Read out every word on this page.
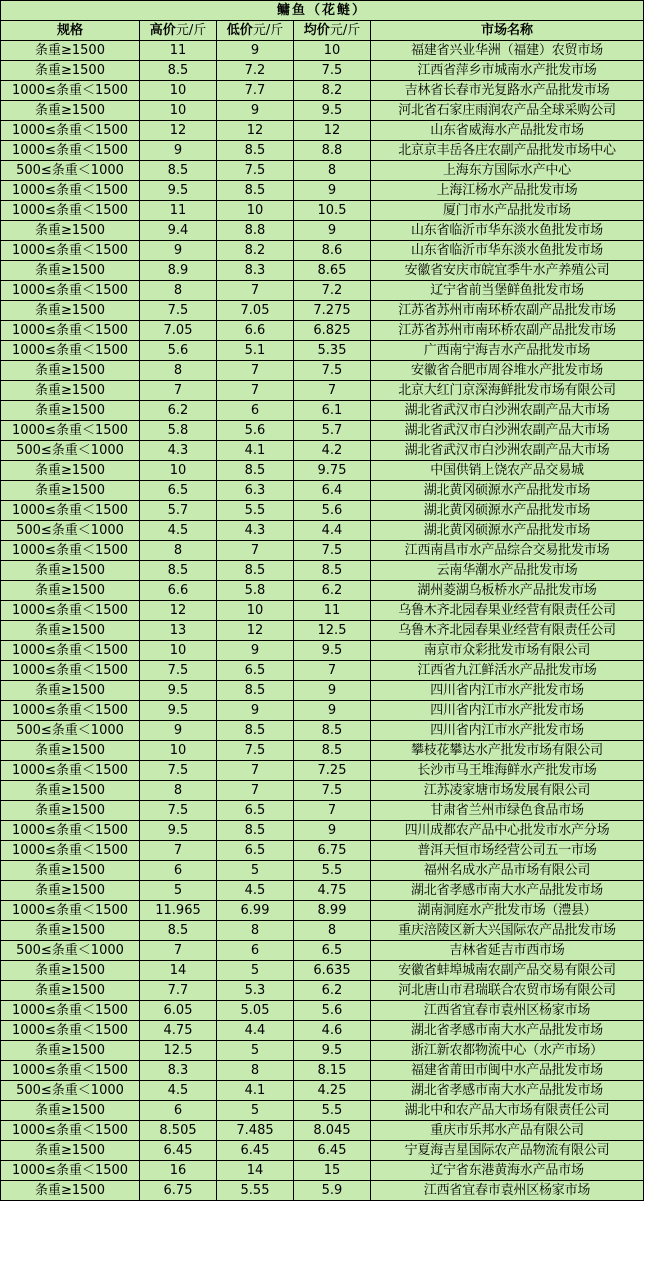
鳙鱼（花鲢）				
规格	高价元/斤	低价元/斤	均价元/斤	市场名称
条重≥1500	11	9	10	福建省兴业华洲（福建）农贸市场
条重≥1500	8.5	7.2	7.5	江西省萍乡市城南水产批发市场
1000≤条重＜1500	10	7.7	8.2	吉林省长春市光复路水产品批发市场
条重≥1500	10	9	9.5	河北省石家庄雨润农产品全球采购公司
1000≤条重＜1500	12	12	12	山东省威海水产品批发市场
1000≤条重＜1500	9	8.5	8.8	北京京丰岳各庄农副产品批发市场中心
500≤条重＜1000	8.5	7.5	8	上海东方国际水产中心
1000≤条重＜1500	9.5	8.5	9	上海江杨水产品批发市场
1000≤条重＜1500	11	10	10.5	厦门市水产品批发市场
条重≥1500	9.4	8.8	9	山东省临沂市华东淡水鱼批发市场
1000≤条重＜1500	9	8.2	8.6	山东省临沂市华东淡水鱼批发市场
条重≥1500	8.9	8.3	8.65	安徽省安庆市皖宜季牛水产养殖公司
1000≤条重＜1500	8	7	7.2	辽宁省前当堡鲜鱼批发市场
条重≥1500	7.5	7.05	7.275	江苏省苏州市南环桥农副产品批发市场
1000≤条重＜1500	7.05	6.6	6.825	江苏省苏州市南环桥农副产品批发市场
1000≤条重＜1500	5.6	5.1	5.35	广西南宁海吉水产品批发市场
条重≥1500	8	7	7.5	安徽省合肥市周谷堆水产批发市场
条重≥1500	7	7	7	北京大红门京深海鲜批发市场有限公司
条重≥1500	6.2	6	6.1	湖北省武汉市白沙洲农副产品大市场
1000≤条重＜1500	5.8	5.6	5.7	湖北省武汉市白沙洲农副产品大市场
500≤条重＜1000	4.3	4.1	4.2	湖北省武汉市白沙洲农副产品大市场
条重≥1500	10	8.5	9.75	中国供销上饶农产品交易城
条重≥1500	6.5	6.3	6.4	湖北黄冈硕源水产品批发市场
1000≤条重＜1500	5.7	5.5	5.6	湖北黄冈硕源水产品批发市场
500≤条重＜1000	4.5	4.3	4.4	湖北黄冈硕源水产品批发市场
1000≤条重＜1500	8	7	7.5	江西南昌市水产品综合交易批发市场
条重≥1500	8.5	8.5	8.5	云南华潮水产品批发市场
条重≥1500	6.6	5.8	6.2	湖州菱湖乌板桥水产品批发市场
1000≤条重＜1500	12	10	11	乌鲁木齐北园春果业经营有限责任公司
条重≥1500	13	12	12.5	乌鲁木齐北园春果业经营有限责任公司
1000≤条重＜1500	10	9	9.5	南京市众彩批发市场有限公司
1000≤条重＜1500	7.5	6.5	7	江西省九江鲜活水产品批发市场
条重≥1500	9.5	8.5	9	四川省内江市水产批发市场
1000≤条重＜1500	9.5	9	9	四川省内江市水产批发市场
500≤条重＜1000	9	8.5	8.5	四川省内江市水产批发市场
条重≥1500	10	7.5	8.5	攀枝花攀达水产批发市场有限公司
1000≤条重＜1500	7.5	7	7.25	长沙市马王堆海鲜水产批发市场
条重≥1500	8	7	7.5	江苏凌家塘市场发展有限公司
条重≥1500	7.5	6.5	7	甘肃省兰州市绿色食品市场
1000≤条重＜1500	9.5	8.5	9	四川成都农产品中心批发市水产分场
1000≤条重＜1500	7	6.5	6.75	普洱天恒市场经营公司五一市场
条重≥1500	6	5	5.5	福州名成水产品市场有限公司
条重≥1500	5	4.5	4.75	湖北省孝感市南大水产品批发市场
1000≤条重＜1500	11.965	6.99	8.99	湖南洞庭水产批发市场（澧县）
条重≥1500	8.5	8	8	重庆涪陵区新大兴国际农产品批发市场
500≤条重＜1000	7	6	6.5	吉林省延吉市西市场
条重≥1500	14	5	6.635	安徽省蚌埠城南农副产品交易有限公司
条重≥1500	7.7	5.3	6.2	河北唐山市君瑞联合农贸市场有限公司
1000≤条重＜1500	6.05	5.05	5.6	江西省宜春市袁州区杨家市场
1000≤条重＜1500	4.75	4.4	4.6	湖北省孝感市南大水产品批发市场
条重≥1500	12.5	5	9.5	浙江新农都物流中心（水产市场）
1000≤条重＜1500	8.3	8	8.15	福建省莆田市闽中水产品批发市场
500≤条重＜1000	4.5	4.1	4.25	湖北省孝感市南大水产品批发市场
条重≥1500	6	5	5.5	湖北中和农产品大市场有限责任公司
1000≤条重＜1500	8.505	7.485	8.045	重庆市乐邦水产品有限公司
条重≥1500	6.45	6.45	6.45	宁夏海吉星国际农产品物流有限公司
1000≤条重＜1500	16	14	15	辽宁省东港黄海水产品市场
条重≥1500	6.75	5.55	5.9	江西省宜春市袁州区杨家市场
